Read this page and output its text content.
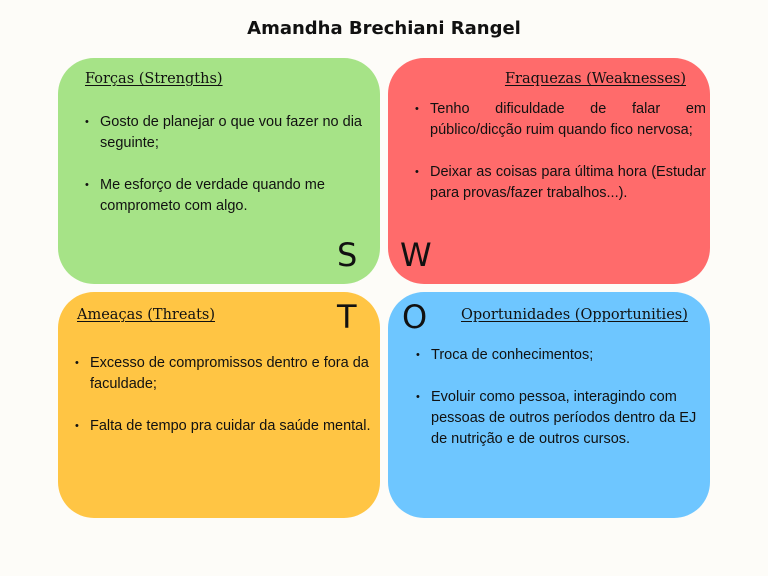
Amandha Brechiani Rangel
Forças (Strengths)
• Gosto de planejar o que vou fazer no dia seguinte;
• Me esforço de verdade quando me comprometo com algo.
S
Fraquezas (Weaknesses)
• Tenho dificuldade de falar em público/dicção ruim quando fico nervosa;
• Deixar as coisas para última hora (Estudar para provas/fazer trabalhos...).
W
Ameaças (Threats)	T
• Excesso de compromissos dentro e fora da faculdade;
• Falta de tempo pra cuidar da saúde mental.
O Oportunidades (Opportunities)
• Troca de conhecimentos;
• Evoluir como pessoa, interagindo com pessoas de outros períodos dentro da EJ de nutrição e de outros cursos.
